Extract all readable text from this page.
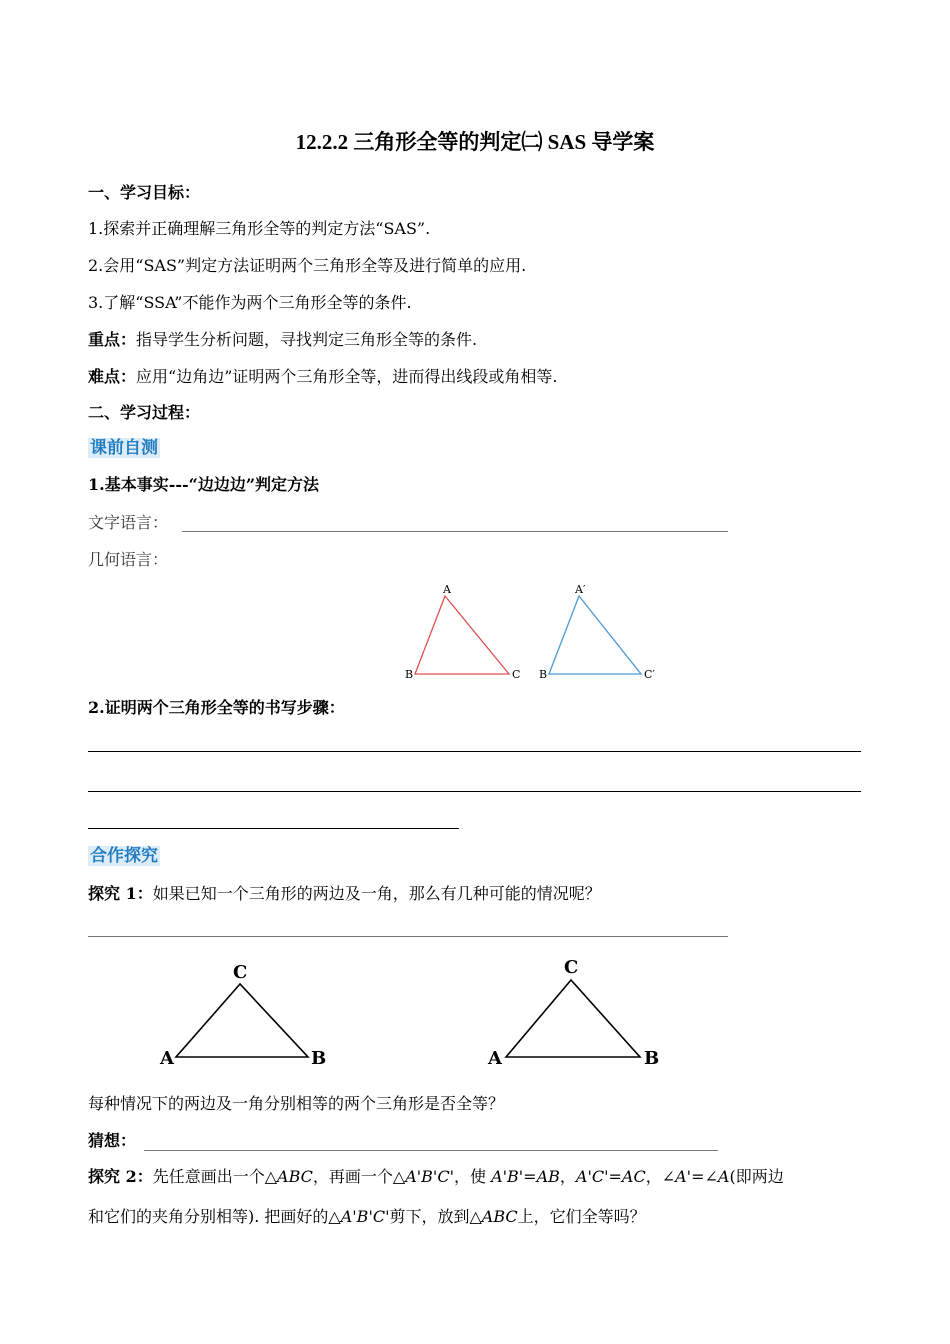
12.2.2 三角形全等的判定㈡ SAS 导学案
一、学习目标：
1.探索并正确理解三角形全等的判定方法“SAS”.
2.会用“SAS”判定方法证明两个三角形全等及进行简单的应用.
3.了解“SSA”不能作为两个三角形全等的条件.
重点：指导学生分析问题，寻找判定三角形全等的条件.
难点：应用“边角边”证明两个三角形全等，进而得出线段或角相等.
二、学习过程：
课前自测
1.基本事实---“边边边”判定方法
文字语言：
几何语言：
A
B	C
A′
B	C′
2.证明两个三角形全等的书写步骤：
合作探究
探究 1：如果已知一个三角形的两边及一角，那么有几种可能的情况呢？
C
A	B
C
A	B
每种情况下的两边及一角分别相等的两个三角形是否全等？
猜想：
探究 2：先任意画出一个△ABC，再画一个△A'B'C'，使 A'B'=AB，A'C'=AC，∠A'=∠A(即两边
和它们的夹角分别相等). 把画好的△A'B'C'剪下，放到△ABC上，它们全等吗？
